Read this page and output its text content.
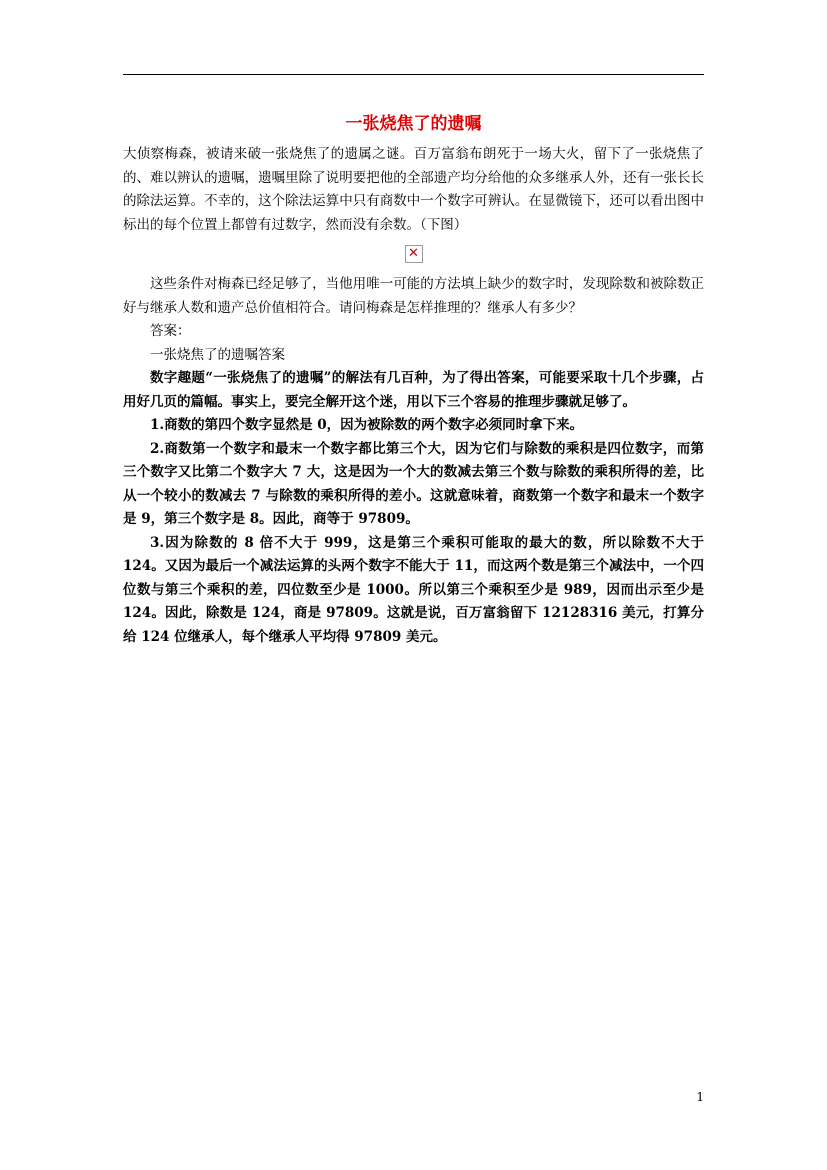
一张烧焦了的遗嘱

大侦察梅森，被请来破一张烧焦了的遗属之谜。百万富翁布朗死于一场大火，留下了一张烧焦了的、难以辨认的遗嘱，遗嘱里除了说明要把他的全部遗产均分给他的众多继承人外，还有一张长长的除法运算。不幸的，这个除法运算中只有商数中一个数字可辨认。在显微镜下，还可以看出图中标出的每个位置上都曾有过数字，然而没有余数。（下图）

✕

这些条件对梅森已经足够了，当他用唯一可能的方法填上缺少的数字时，发现除数和被除数正好与继承人数和遗产总价值相符合。请问梅森是怎样推理的？继承人有多少？

答案：

一张烧焦了的遗嘱答案

数字趣题“一张烧焦了的遗嘱”的解法有几百种，为了得出答案，可能要采取十几个步骤，占用好几页的篇幅。事实上，要完全解开这个迷，用以下三个容易的推理步骤就足够了。

1.商数的第四个数字显然是 0，因为被除数的两个数字必须同时拿下来。

2.商数第一个数字和最末一个数字都比第三个大，因为它们与除数的乘积是四位数字，而第三个数字又比第二个数字大 7 大，这是因为一个大的数减去第三个数与除数的乘积所得的差，比从一个较小的数减去 7 与除数的乘积所得的差小。这就意味着，商数第一个数字和最末一个数字是 9，第三个数字是 8。因此，商等于 97809。

3.因为除数的 8 倍不大于 999，这是第三个乘积可能取的最大的数，所以除数不大于 124。又因为最后一个减法运算的头两个数字不能大于 11，而这两个数是第三个减法中，一个四位数与第三个乘积的差，四位数至少是 1000。所以第三个乘积至少是 989，因而出示至少是 124。因此，除数是 124，商是 97809。这就是说，百万富翁留下 12128316 美元，打算分给 124 位继承人，每个继承人平均得 97809 美元。

1
